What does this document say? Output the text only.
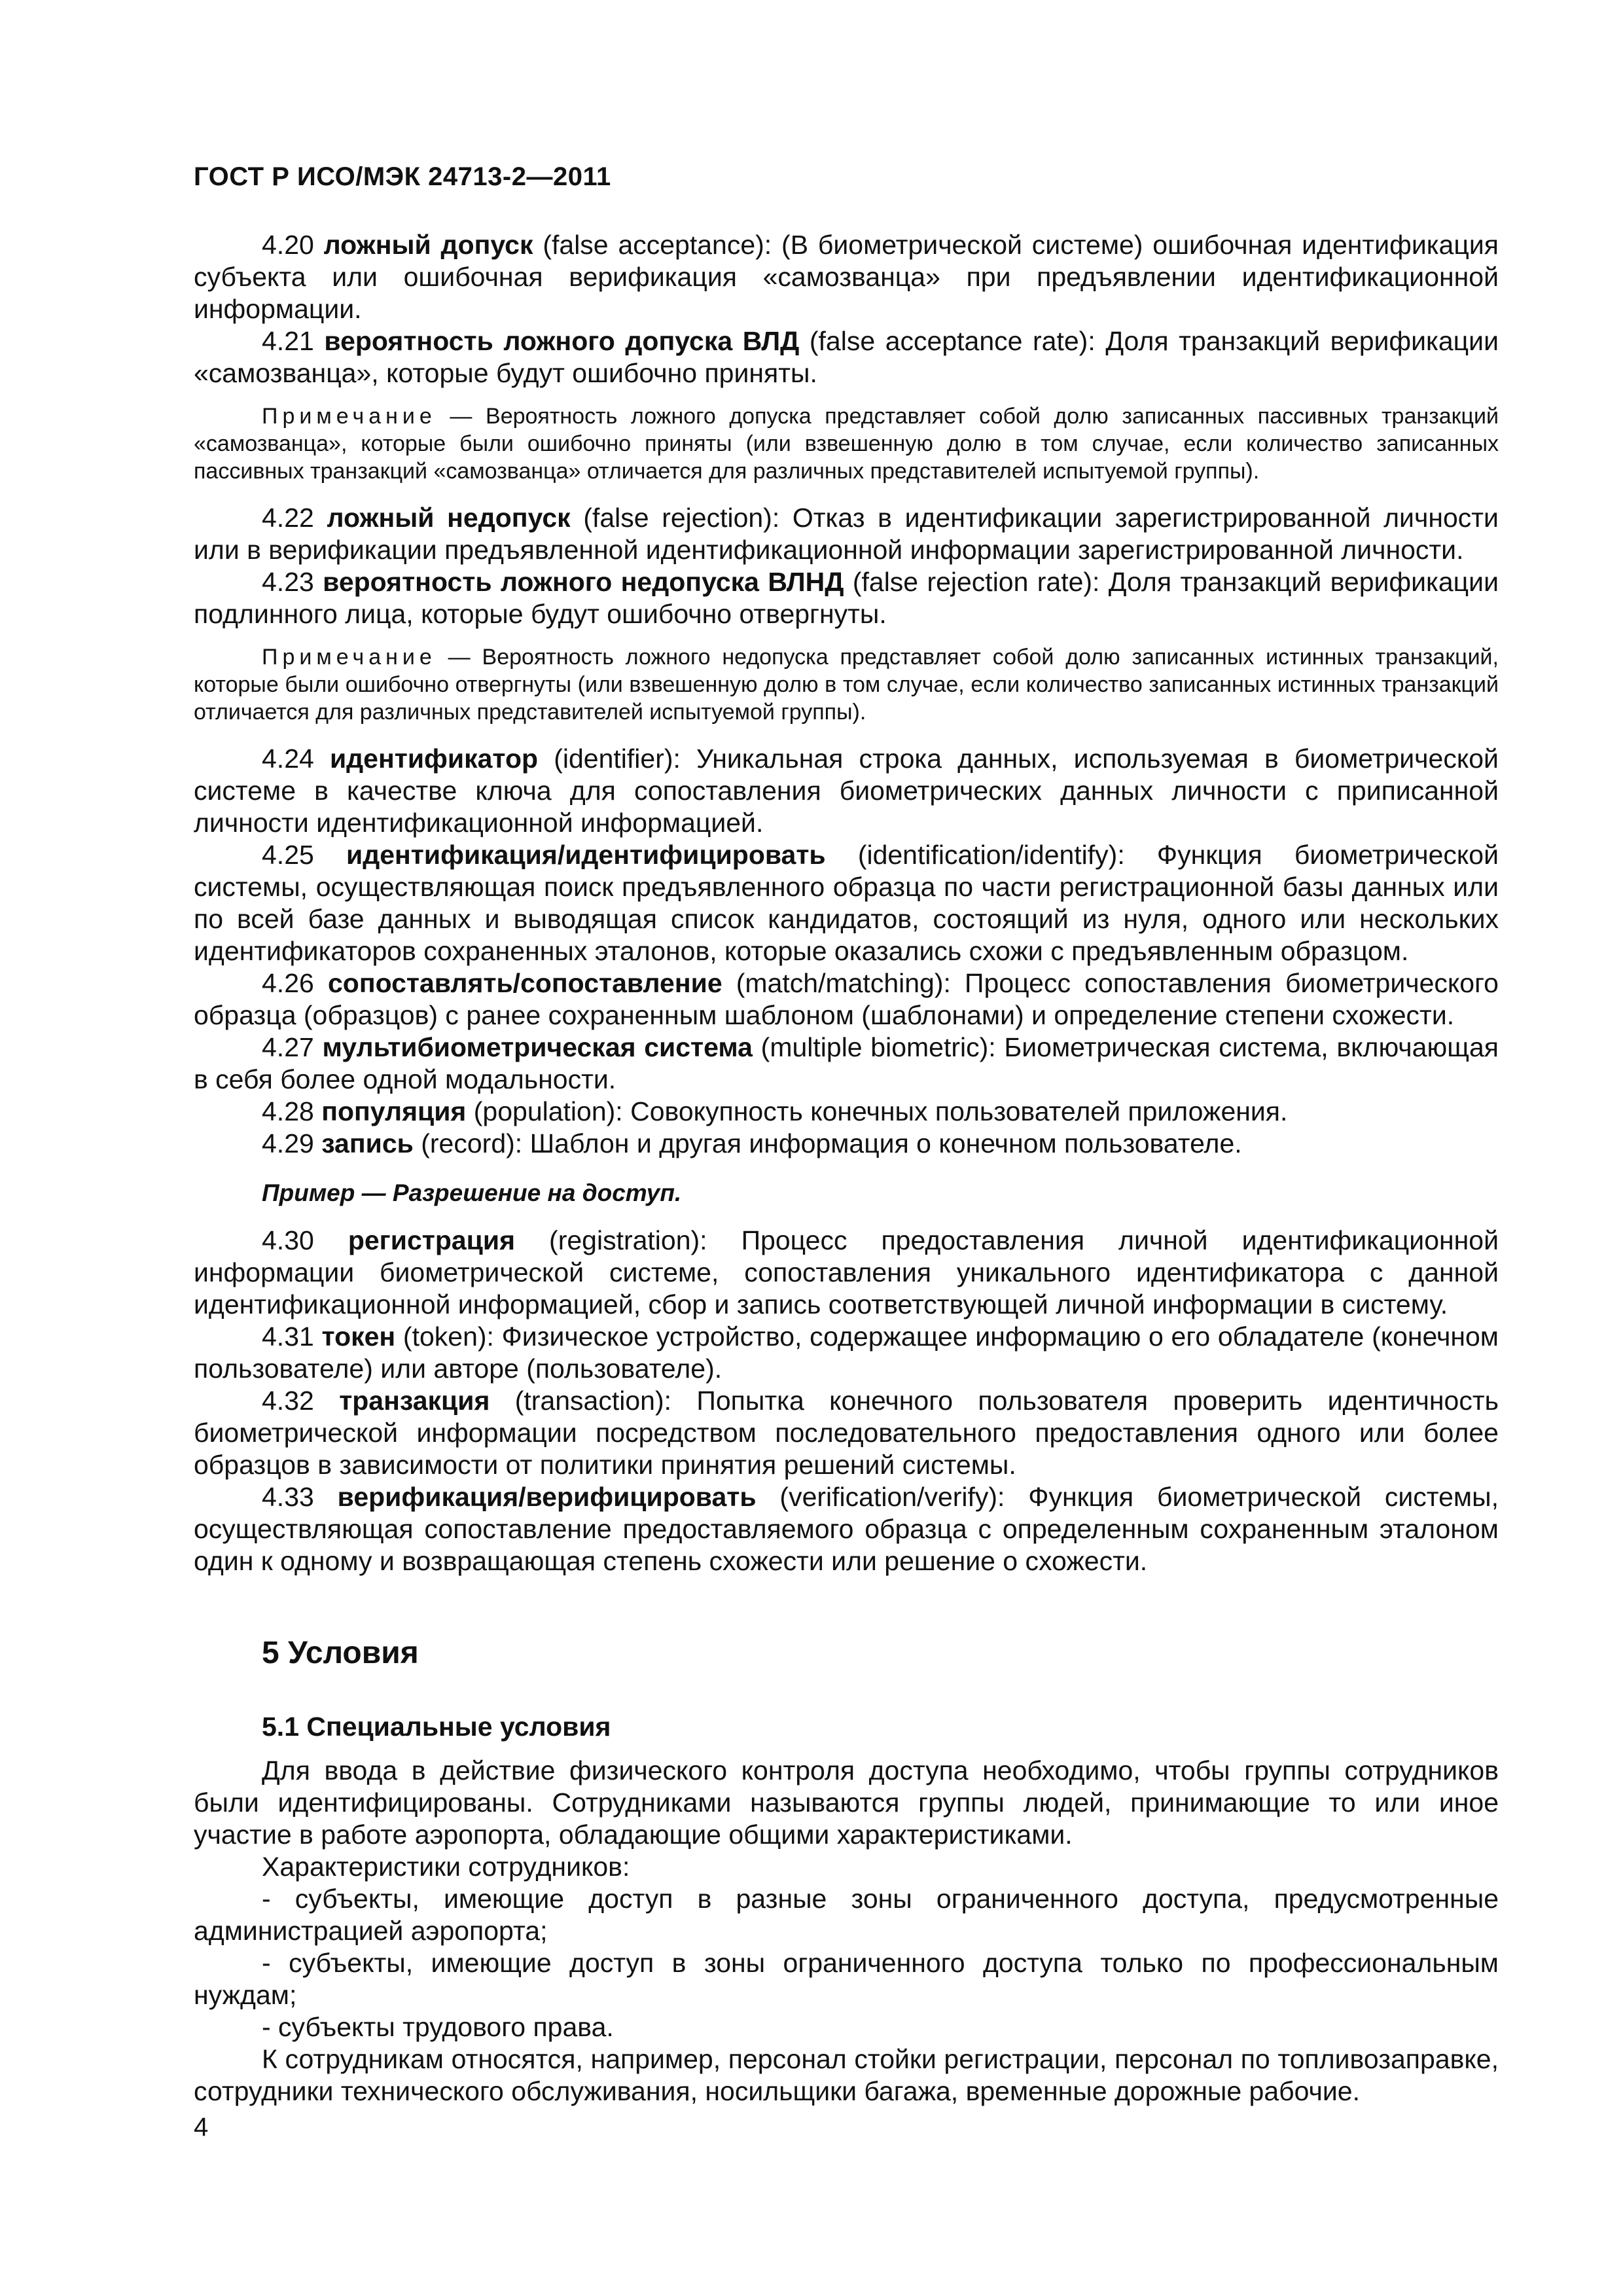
ГОСТ Р ИСО/МЭК 24713-2—2011

4.20 ложный допуск (false acceptance): (В биометрической системе) ошибочная идентификация субъекта или ошибочная верификация «самозванца» при предъявлении идентификационной информации.

4.21 вероятность ложного допуска ВЛД (false acceptance rate): Доля транзакций верификации «самозванца», которые будут ошибочно приняты.

Примечание — Вероятность ложного допуска представляет собой долю записанных пассивных транзакций «самозванца», которые были ошибочно приняты (или взвешенную долю в том случае, если количество записанных пассивных транзакций «самозванца» отличается для различных представителей испытуемой группы).

4.22 ложный недопуск (false rejection): Отказ в идентификации зарегистрированной личности или в верификации предъявленной идентификационной информации зарегистрированной личности.

4.23 вероятность ложного недопуска ВЛНД (false rejection rate): Доля транзакций верификации подлинного лица, которые будут ошибочно отвергнуты.

Примечание — Вероятность ложного недопуска представляет собой долю записанных истинных транзакций, которые были ошибочно отвергнуты (или взвешенную долю в том случае, если количество записанных истинных транзакций отличается для различных представителей испытуемой группы).

4.24 идентификатор (identifier): Уникальная строка данных, используемая в биометрической системе в качестве ключа для сопоставления биометрических данных личности с приписанной личности идентификационной информацией.

4.25 идентификация/идентифицировать (identification/identify): Функция биометрической системы, осуществляющая поиск предъявленного образца по части регистрационной базы данных или по всей базе данных и выводящая список кандидатов, состоящий из нуля, одного или нескольких идентификаторов сохраненных эталонов, которые оказались схожи с предъявленным образцом.

4.26 сопоставлять/сопоставление (match/matching): Процесс сопоставления биометрического образца (образцов) с ранее сохраненным шаблоном (шаблонами) и определение степени схожести.

4.27 мультибиометрическая система (multiple biometric): Биометрическая система, включающая в себя более одной модальности.

4.28 популяция (population): Совокупность конечных пользователей приложения.

4.29 запись (record): Шаблон и другая информация о конечном пользователе.

Пример — Разрешение на доступ.

4.30 регистрация (registration): Процесс предоставления личной идентификационной информации биометрической системе, сопоставления уникального идентификатора с данной идентификационной информацией, сбор и запись соответствующей личной информации в систему.

4.31 токен (token): Физическое устройство, содержащее информацию о его обладателе (конечном пользователе) или авторе (пользователе).

4.32 транзакция (transaction): Попытка конечного пользователя проверить идентичность биометрической информации посредством последовательного предоставления одного или более образцов в зависимости от политики принятия решений системы.

4.33 верификация/верифицировать (verification/verify): Функция биометрической системы, осуществляющая сопоставление предоставляемого образца с определенным сохраненным эталоном один к одному и возвращающая степень схожести или решение о схожести.

5 Условия
5.1 Специальные условия

Для ввода в действие физического контроля доступа необходимо, чтобы группы сотрудников были идентифицированы. Сотрудниками называются группы людей, принимающие то или иное участие в работе аэропорта, обладающие общими характеристиками.

Характеристики сотрудников:

- субъекты, имеющие доступ в разные зоны ограниченного доступа, предусмотренные администрацией аэропорта;

- субъекты, имеющие доступ в зоны ограниченного доступа только по профессиональным нуждам;

- субъекты трудового права.

К сотрудникам относятся, например, персонал стойки регистрации, персонал по топливозаправке, сотрудники технического обслуживания, носильщики багажа, временные дорожные рабочие.

4
